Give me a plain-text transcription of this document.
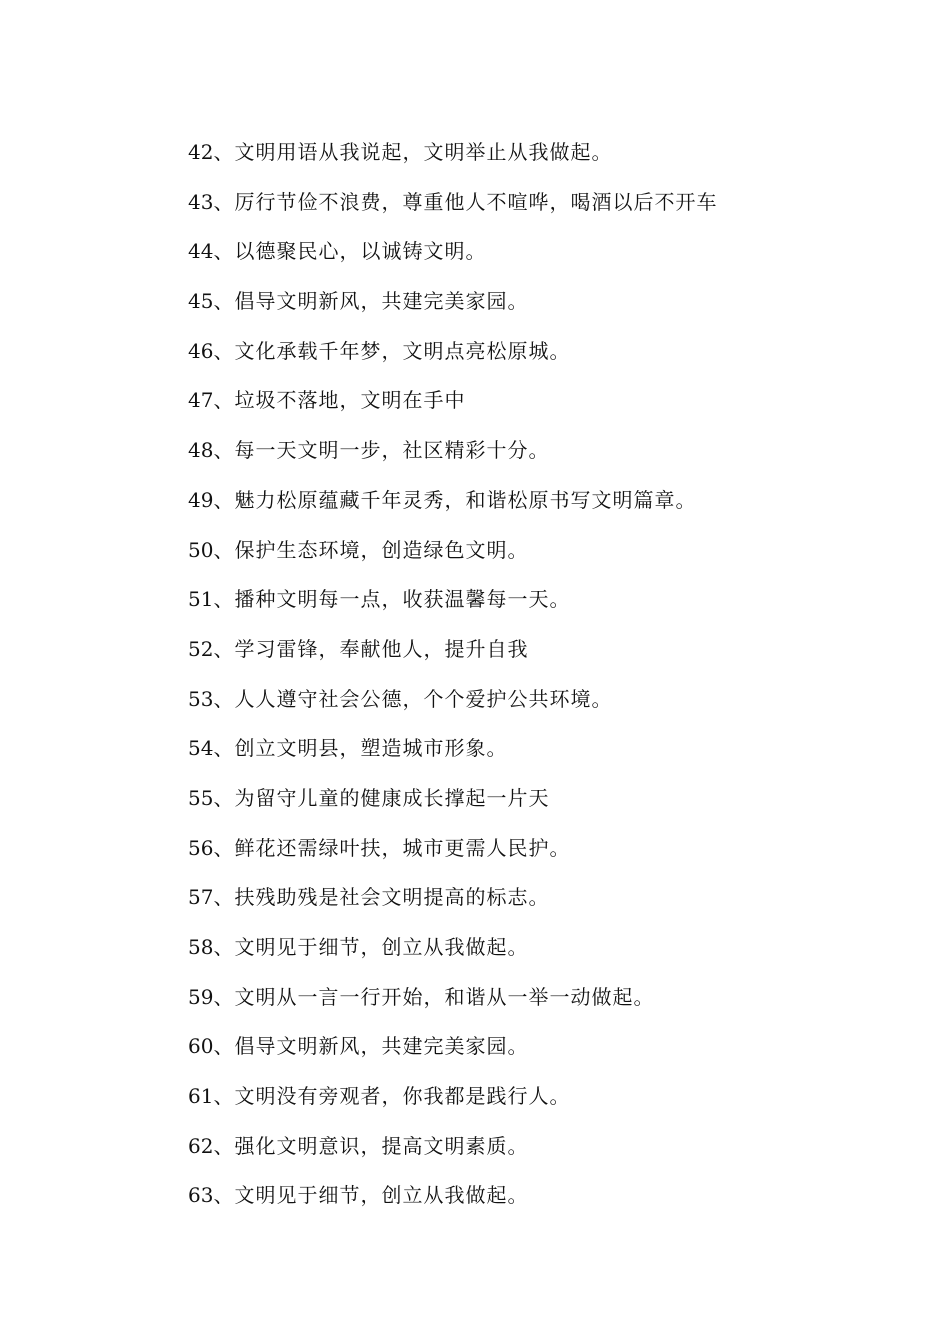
42、文明用语从我说起，文明举止从我做起。
43、厉行节俭不浪费，尊重他人不喧哗，喝酒以后不开车
44、以德聚民心，以诚铸文明。
45、倡导文明新风，共建完美家园。
46、文化承载千年梦，文明点亮松原城。
47、垃圾不落地，文明在手中
48、每一天文明一步，社区精彩十分。
49、魅力松原蕴藏千年灵秀，和谐松原书写文明篇章。
50、保护生态环境，创造绿色文明。
51、播种文明每一点，收获温馨每一天。
52、学习雷锋，奉献他人，提升自我
53、人人遵守社会公德，个个爱护公共环境。
54、创立文明县，塑造城市形象。
55、为留守儿童的健康成长撑起一片天
56、鲜花还需绿叶扶，城市更需人民护。
57、扶残助残是社会文明提高的标志。
58、文明见于细节，创立从我做起。
59、文明从一言一行开始，和谐从一举一动做起。
60、倡导文明新风，共建完美家园。
61、文明没有旁观者，你我都是践行人。
62、强化文明意识，提高文明素质。
63、文明见于细节，创立从我做起。
